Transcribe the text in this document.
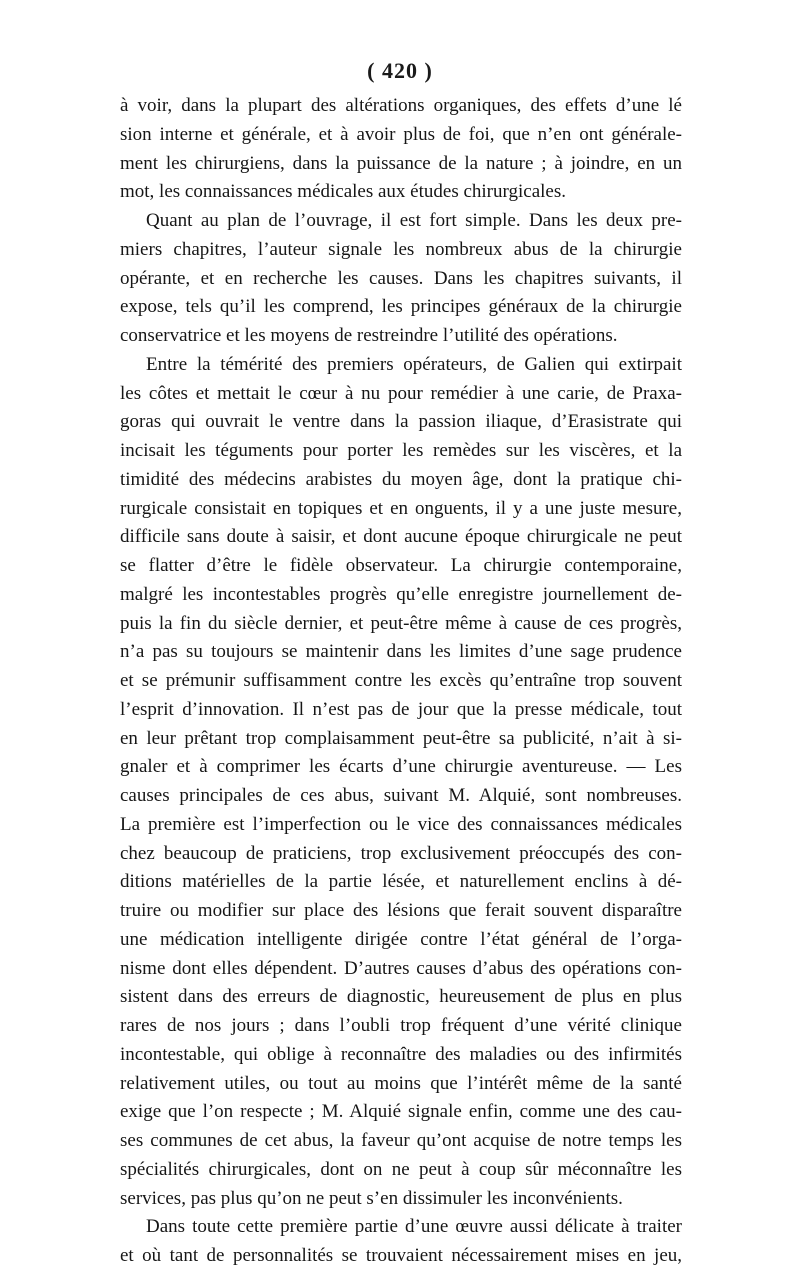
( 420 )
à voir, dans la plupart des altérations organiques, des effets d’une lé
sion interne et générale, et à avoir plus de foi, que n’en ont générale-
ment les chirurgiens, dans la puissance de la nature ; à joindre, en un
mot, les connaissances médicales aux études chirurgicales.
Quant au plan de l’ouvrage, il est fort simple. Dans les deux pre-
miers chapitres, l’auteur signale les nombreux abus de la chirurgie
opérante, et en recherche les causes. Dans les chapitres suivants, il
expose, tels qu’il les comprend, les principes généraux de la chirurgie
conservatrice et les moyens de restreindre l’utilité des opérations.
Entre la témérité des premiers opérateurs, de Galien qui extirpait
les côtes et mettait le cœur à nu pour remédier à une carie, de Praxa-
goras qui ouvrait le ventre dans la passion iliaque, d’Erasistrate qui
incisait les téguments pour porter les remèdes sur les viscères, et la
timidité des médecins arabistes du moyen âge, dont la pratique chi-
rurgicale consistait en topiques et en onguents, il y a une juste mesure,
difficile sans doute à saisir, et dont aucune époque chirurgicale ne peut
se flatter d’être le fidèle observateur. La chirurgie contemporaine,
malgré les incontestables progrès qu’elle enregistre journellement de-
puis la fin du siècle dernier, et peut-être même à cause de ces progrès,
n’a pas su toujours se maintenir dans les limites d’une sage prudence
et se prémunir suffisamment contre les excès qu’entraîne trop souvent
l’esprit d’innovation. Il n’est pas de jour que la presse médicale, tout
en leur prêtant trop complaisamment peut-être sa publicité, n’ait à si-
gnaler et à comprimer les écarts d’une chirurgie aventureuse. — Les
causes principales de ces abus, suivant M. Alquié, sont nombreuses.
La première est l’imperfection ou le vice des connaissances médicales
chez beaucoup de praticiens, trop exclusivement préoccupés des con-
ditions matérielles de la partie lésée, et naturellement enclins à dé-
truire ou modifier sur place des lésions que ferait souvent disparaître
une médication intelligente dirigée contre l’état général de l’orga-
nisme dont elles dépendent. D’autres causes d’abus des opérations con-
sistent dans des erreurs de diagnostic, heureusement de plus en plus
rares de nos jours ; dans l’oubli trop fréquent d’une vérité clinique
incontestable, qui oblige à reconnaître des maladies ou des infirmités
relativement utiles, ou tout au moins que l’intérêt même de la santé
exige que l’on respecte ; M. Alquié signale enfin, comme une des cau-
ses communes de cet abus, la faveur qu’ont acquise de notre temps les
spécialités chirurgicales, dont on ne peut à coup sûr méconnaître les
services, pas plus qu’on ne peut s’en dissimuler les inconvénients.
Dans toute cette première partie d’une œuvre aussi délicate à traiter
et où tant de personnalités se trouvaient nécessairement mises en jeu,
